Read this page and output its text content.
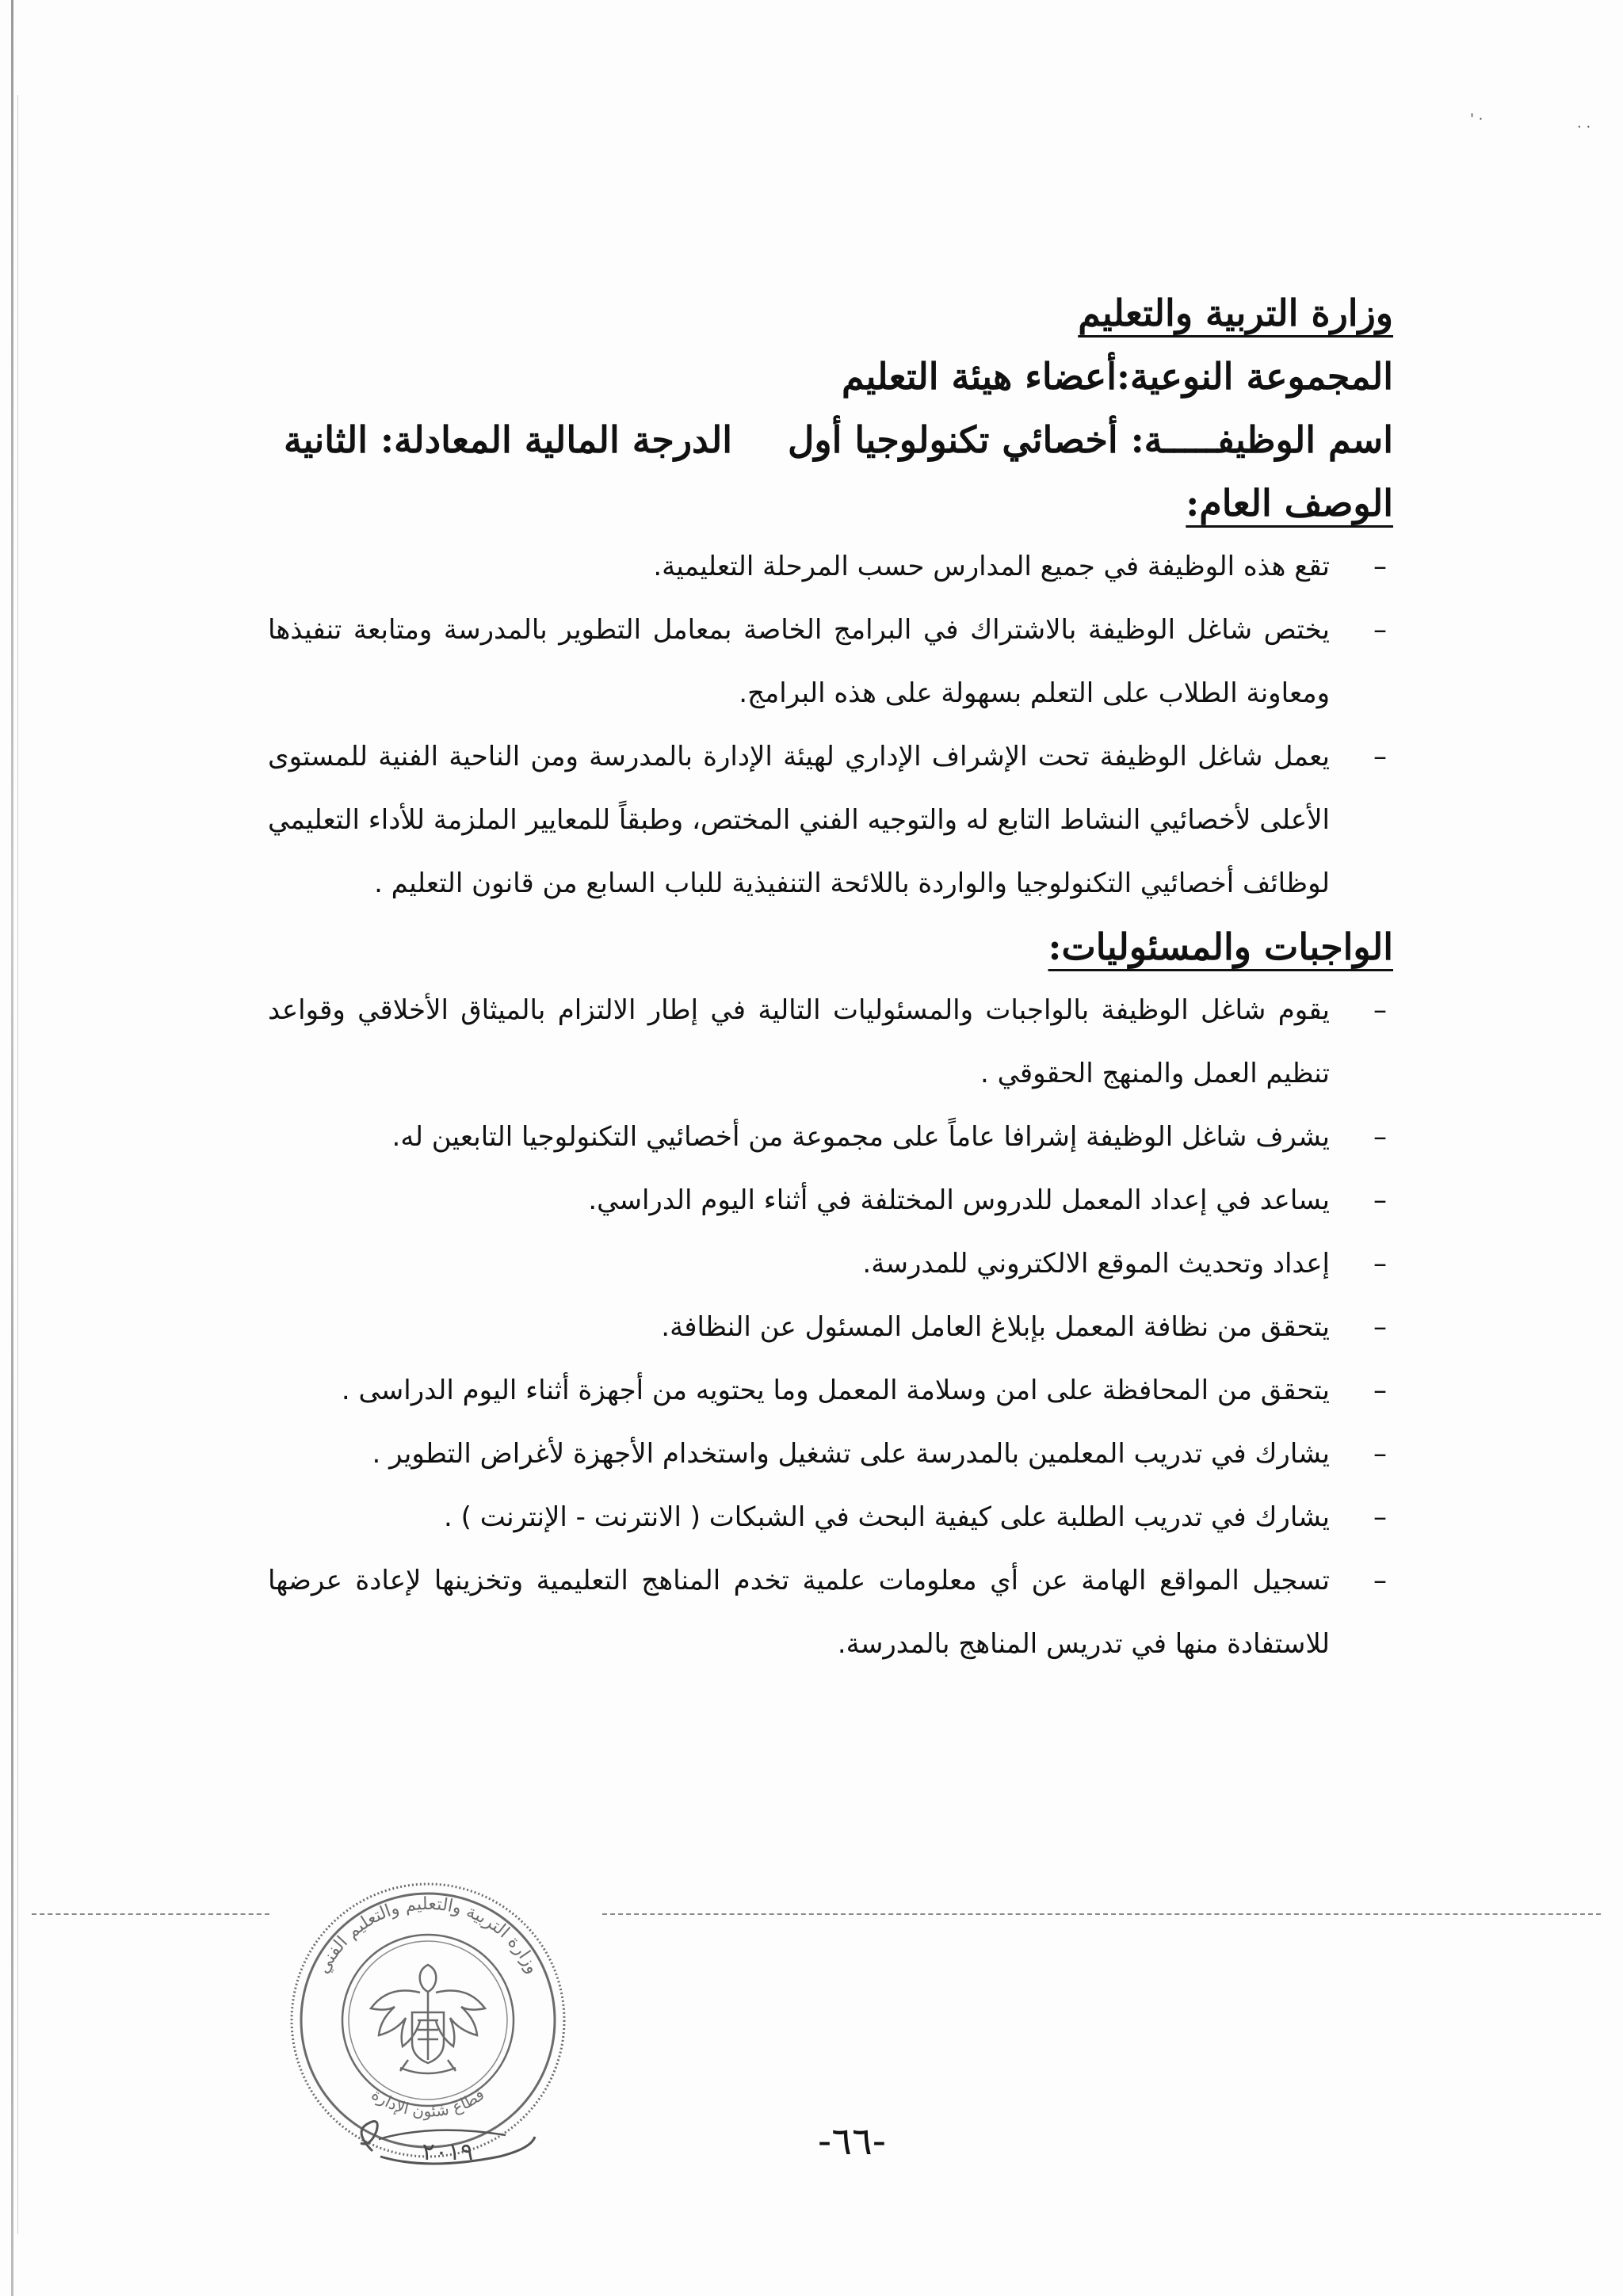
· '	· ·
وزارة التربية والتعليم
المجموعة النوعية:أعضاء هيئة التعليم
اسم الوظيفـــــة: أخصائي تكنولوجيا أول
الدرجة المالية المعادلة: الثانية
الوصف العام:
–
تقع هذه الوظيفة في جميع المدارس حسب المرحلة التعليمية.
–
يختص شاغل الوظيفة بالاشتراك في البرامج الخاصة بمعامل التطوير بالمدرسة ومتابعة تنفيذها ومعاونة الطلاب على التعلم بسهولة على هذه البرامج.
–
يعمل شاغل الوظيفة تحت الإشراف الإداري لهيئة الإدارة بالمدرسة ومن الناحية الفنية للمستوى الأعلى لأخصائيي النشاط التابع له والتوجيه الفني المختص، وطبقاً للمعايير الملزمة للأداء التعليمي لوظائف أخصائيي التكنولوجيا والواردة باللائحة التنفيذية للباب السابع من قانون التعليم .
الواجبات والمسئوليات:
–
يقوم شاغل الوظيفة بالواجبات والمسئوليات التالية في إطار الالتزام بالميثاق الأخلاقي وقواعد تنظيم العمل والمنهج الحقوقي .
–
يشرف شاغل الوظيفة إشرافا عاماً على مجموعة من أخصائيي التكنولوجيا التابعين له.
–
يساعد في إعداد المعمل للدروس المختلفة في أثناء اليوم الدراسي.
–
إعداد وتحديث الموقع الالكتروني للمدرسة.
–
يتحقق من نظافة المعمل بإبلاغ العامل المسئول عن النظافة.
–
يتحقق من المحافظة على امن وسلامة المعمل وما يحتويه من أجهزة أثناء اليوم الدراسى .
–
يشارك في تدريب المعلمين بالمدرسة على تشغيل واستخدام الأجهزة لأغراض التطوير .
–
يشارك في تدريب الطلبة على كيفية البحث في الشبكات ( الانترنت - الإنترنت ) .
–
تسجيل المواقع الهامة عن أي معلومات علمية تخدم المناهج التعليمية وتخزينها لإعادة عرضها للاستفادة منها في تدريس المناهج بالمدرسة.
وزارة التربية والتعليم والتعليم الفني
قطاع شئون الإدارة
٢٠١٩	-٦٦-
